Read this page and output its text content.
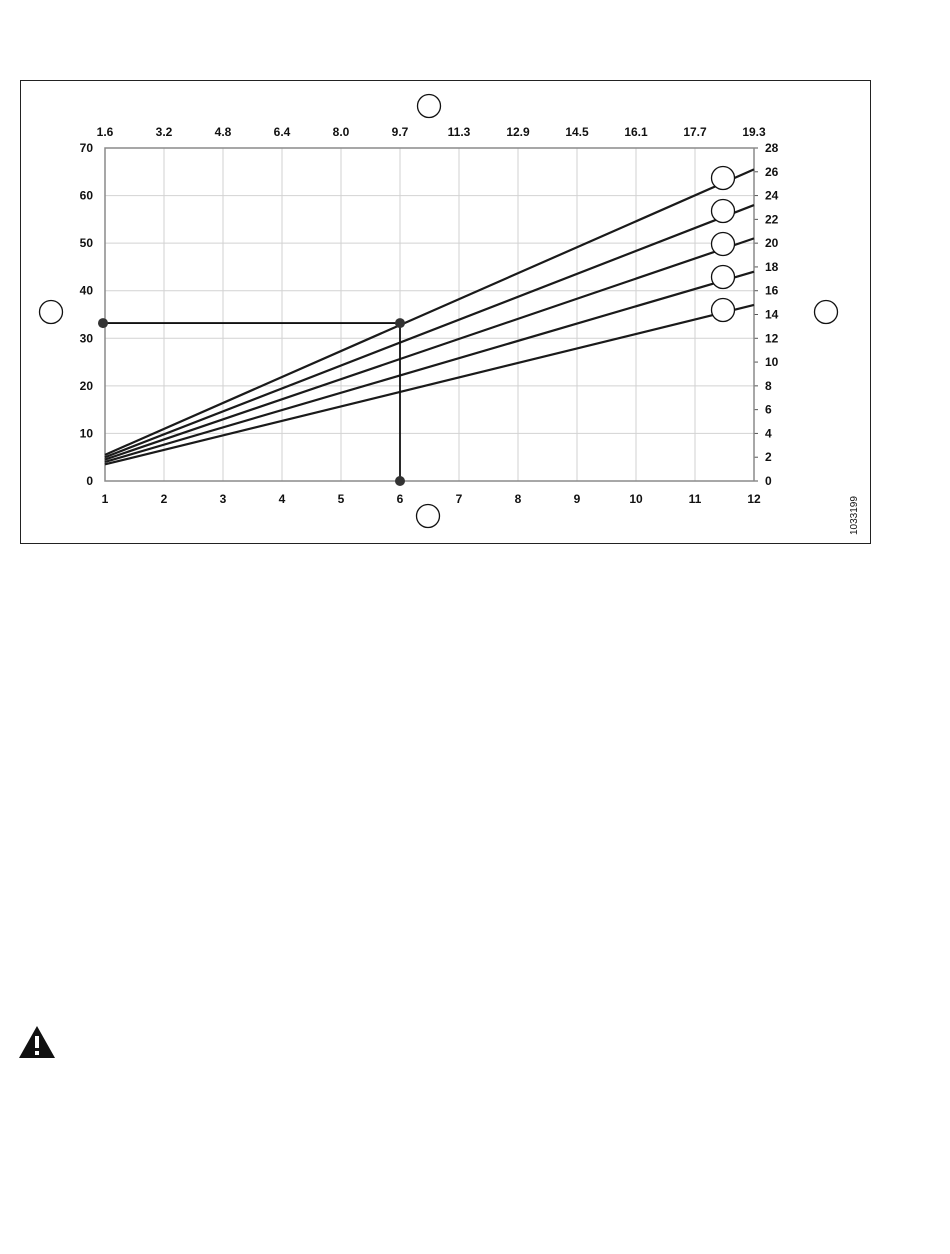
1	2	3	4	5	6	7	8	9	10	11	12
1.6	3.2	4.8	6.4	8.0	9.7	11.3	12.9	14.5	16.1	17.7	19.3
0
10
20
30
40
50
60
70
0
2
4
6
8
10
12
14
16
18
20
22
24
26
28
1033199
